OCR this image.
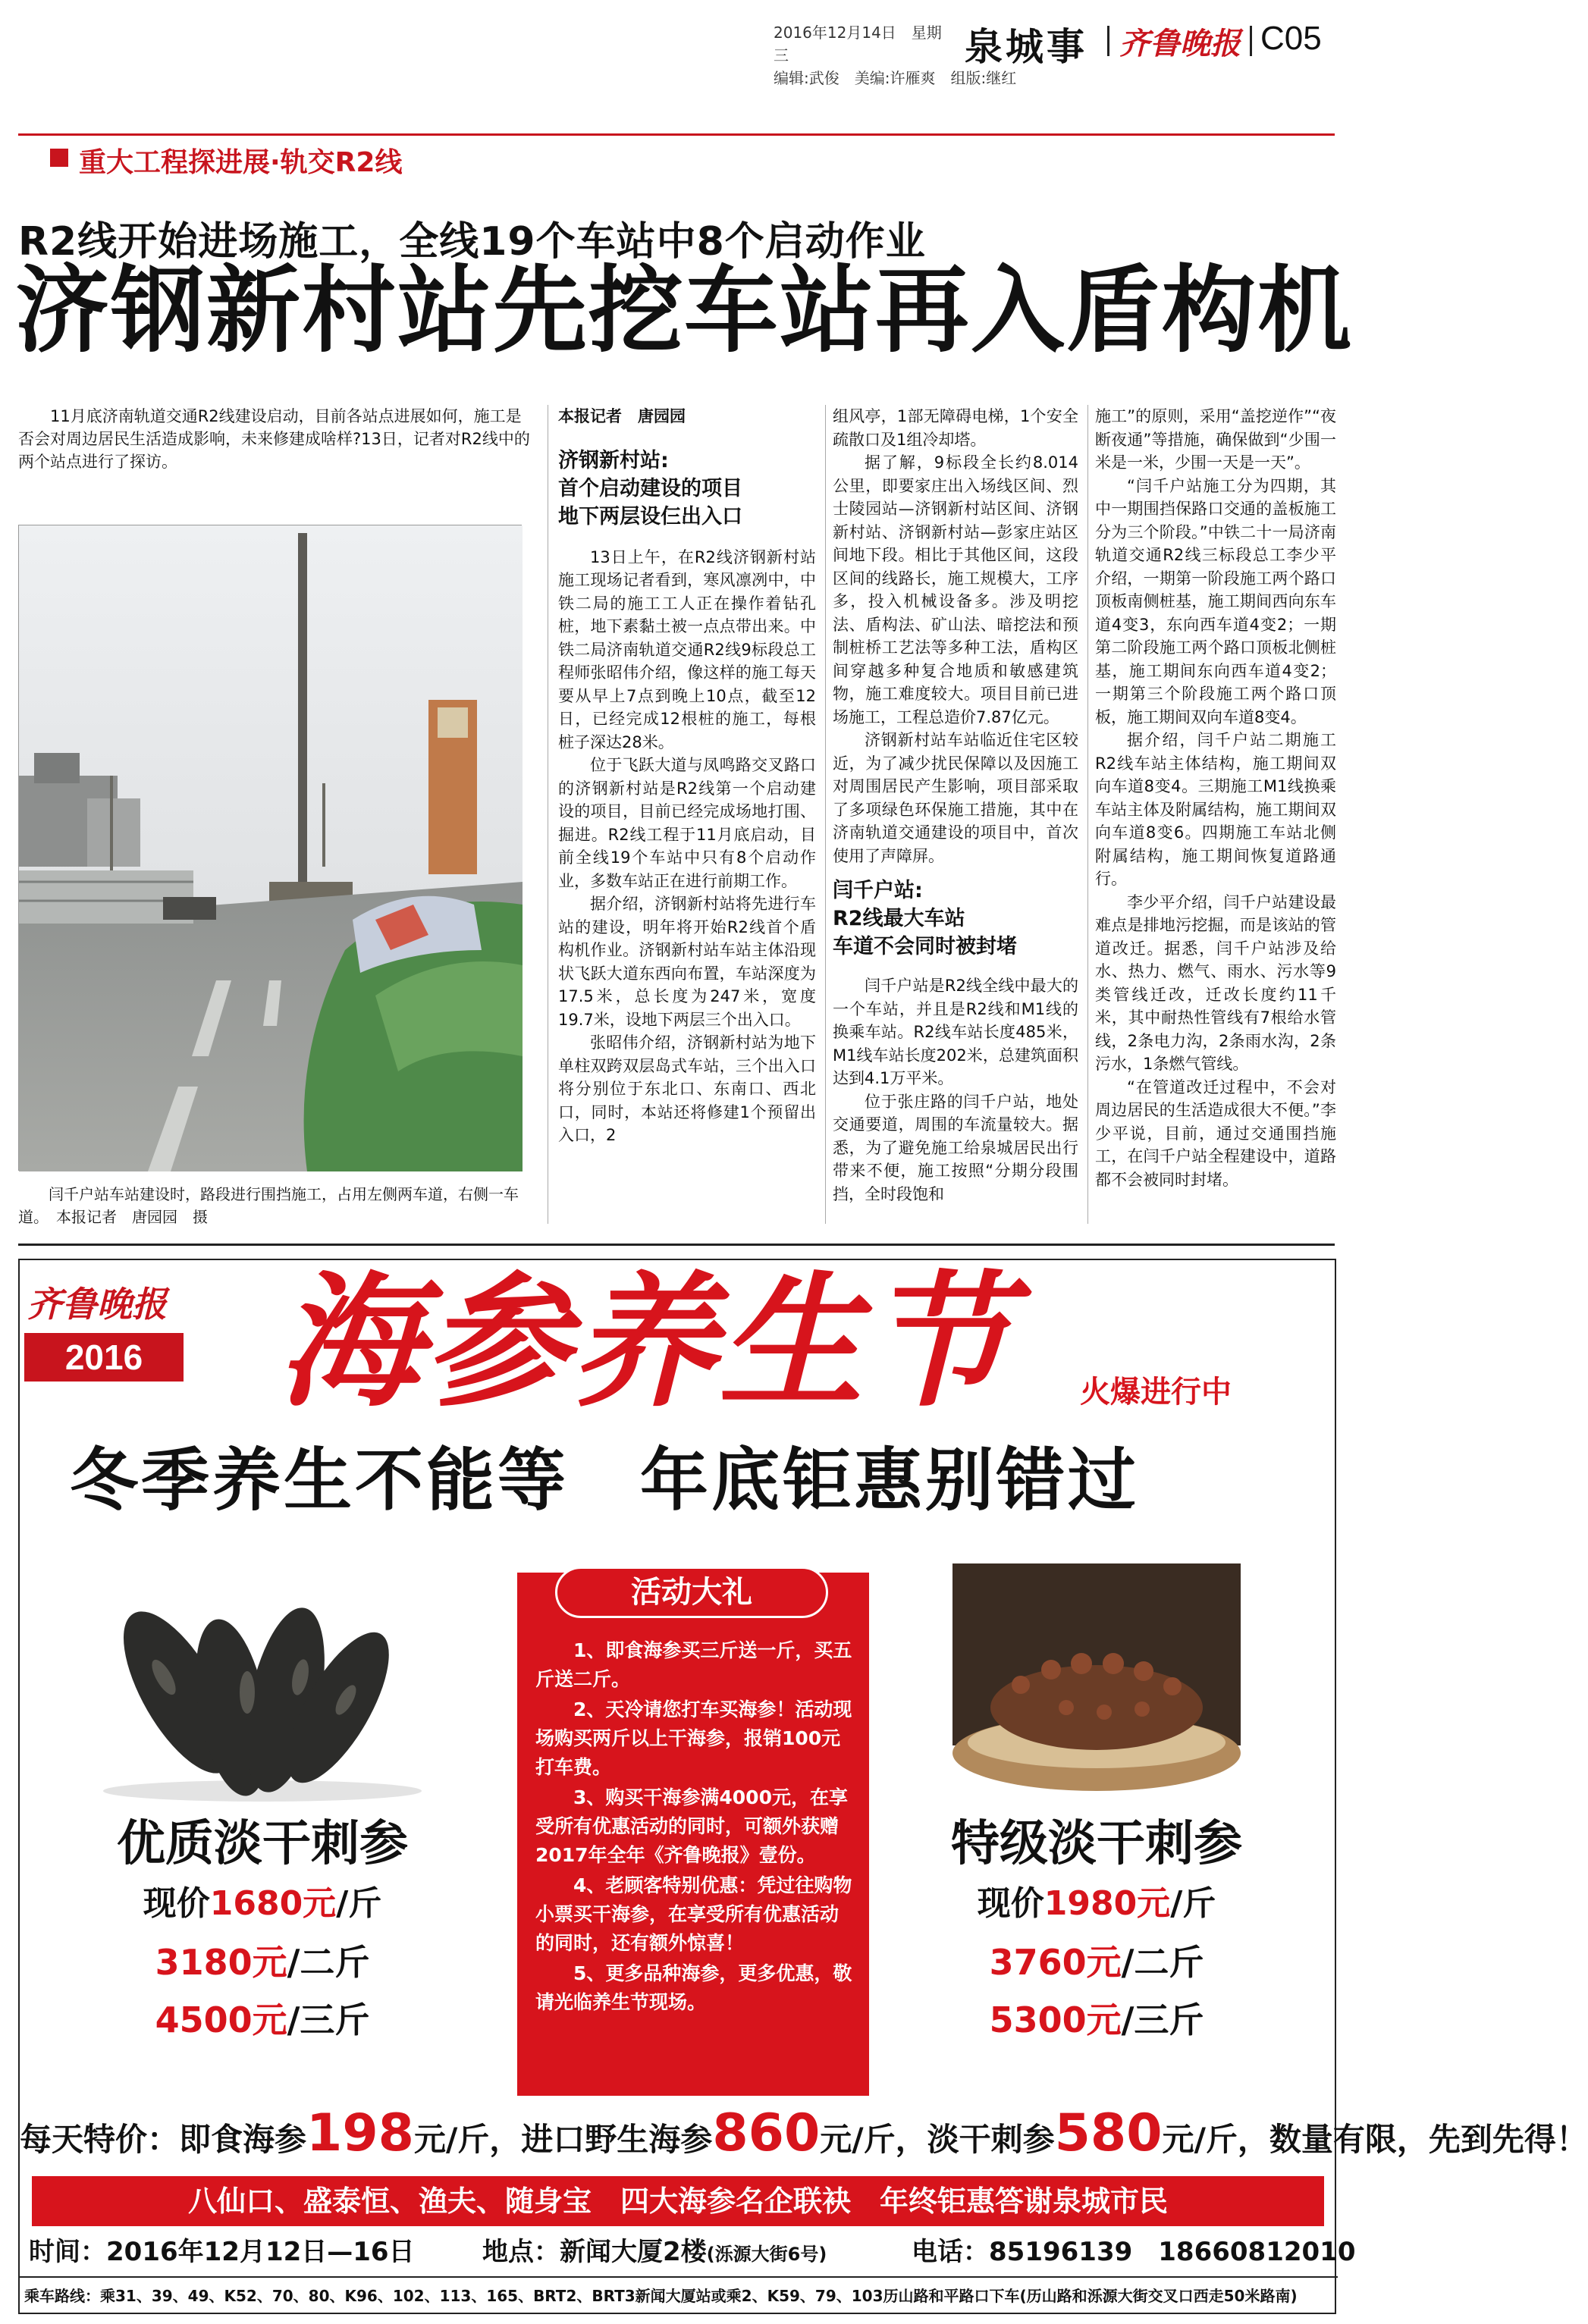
2016年12月14日　星期三
编辑:武俊　美编:许雁爽　组版:继红
泉城事 齐鲁晚报 C05
重大工程探进展·轨交R2线
R2线开始进场施工，全线19个车站中8个启动作业
济钢新村站先挖车站再入盾构机
11月底济南轨道交通R2线建设启动，目前各站点进展如何，施工是否会对周边居民生活造成影响，未来修建成啥样?13日，记者对R2线中的两个站点进行了探访。
闫千户站车站建设时，路段进行围挡施工，占用左侧两车道，右侧一车道。　本报记者　唐园园　摄

本报记者　唐园园

济钢新村站:
首个启动建设的项目
地下两层设仨出入口

13日上午，在R2线济钢新村站施工现场记者看到，寒风凛冽中，中铁二局的施工工人正在操作着钻孔桩，地下素黏土被一点点带出来。中铁二局济南轨道交通R2线9标段总工程师张昭伟介绍，像这样的施工每天要从早上7点到晚上10点，截至12日，已经完成12根桩的施工，每根桩子深达28米。

位于飞跃大道与凤鸣路交叉路口的济钢新村站是R2线第一个启动建设的项目，目前已经完成场地打围、掘进。R2线工程于11月底启动，目前全线19个车站中只有8个启动作业，多数车站正在进行前期工作。

据介绍，济钢新村站将先进行车站的建设，明年将开始R2线首个盾构机作业。济钢新村站车站主体沿现状飞跃大道东西向布置，车站深度为17.5米，总长度为247米，宽度19.7米，设地下两层三个出入口。

张昭伟介绍，济钢新村站为地下单柱双跨双层岛式车站，三个出入口将分别位于东北口、东南口、西北口，同时，本站还将修建1个预留出入口，2

组风亭，1部无障碍电梯，1个安全疏散口及1组冷却塔。

据了解，9标段全长约8.014公里，即要家庄出入场线区间、烈士陵园站—济钢新村站区间、济钢新村站、济钢新村站—彭家庄站区间地下段。相比于其他区间，这段区间的线路长，施工规模大，工序多，投入机械设备多。涉及明挖法、盾构法、矿山法、暗挖法和预制桩桥工艺法等多种工法，盾构区间穿越多种复合地质和敏感建筑物，施工难度较大。项目目前已进场施工，工程总造价7.87亿元。

济钢新村站车站临近住宅区较近，为了减少扰民保障以及因施工对周围居民产生影响，项目部采取了多项绿色环保施工措施，其中在济南轨道交通建设的项目中，首次使用了声障屏。

闫千户站:
R2线最大车站
车道不会同时被封堵

闫千户站是R2线全线中最大的一个车站，并且是R2线和M1线的换乘车站。R2线车站长度485米，M1线车站长度202米，总建筑面积达到4.1万平米。

位于张庄路的闫千户站，地处交通要道，周围的车流量较大。据悉，为了避免施工给泉城居民出行带来不便，施工按照“分期分段围挡，全时段饱和

施工”的原则，采用“盖挖逆作”“夜断夜通”等措施，确保做到“少围一米是一米，少围一天是一天”。

“闫千户站施工分为四期，其中一期围挡保路口交通的盖板施工分为三个阶段。”中铁二十一局济南轨道交通R2线三标段总工李少平介绍，一期第一阶段施工两个路口顶板南侧桩基，施工期间西向东车道4变3，东向西车道4变2；一期第二阶段施工两个路口顶板北侧桩基，施工期间东向西车道4变2；一期第三个阶段施工两个路口顶板，施工期间双向车道8变4。

据介绍，闫千户站二期施工R2线车站主体结构，施工期间双向车道8变4。三期施工M1线换乘车站主体及附属结构，施工期间双向车道8变6。四期施工车站北侧附属结构，施工期间恢复道路通行。

李少平介绍，闫千户站建设最难点是排地污挖掘，而是该站的管道改迁。据悉，闫千户站涉及给水、热力、燃气、雨水、污水等9类管线迁改，迁改长度约11千米，其中耐热性管线有7根给水管线，2条电力沟，2条雨水沟，2条污水，1条燃气管线。

“在管道改迁过程中，不会对周边居民的生活造成很大不便。”李少平说，目前，通过交通围挡施工，在闫千户站全程建设中，道路都不会被同时封堵。

齐鲁晚报
2016 海参养生节 火爆进行中
冬季养生不能等　年底钜惠别错过
优质淡干刺参
现价1680元/斤
3180元/二斤
4500元/三斤
活动大礼
1、即食海参买三斤送一斤，买五斤送二斤。
2、天冷请您打车买海参！活动现场购买两斤以上干海参，报销100元打车费。
3、购买干海参满4000元，在享受所有优惠活动的同时，可额外获赠2017年全年《齐鲁晚报》壹份。
4、老顾客特别优惠：凭过往购物小票买干海参，在享受所有优惠活动的同时，还有额外惊喜！
5、更多品种海参，更多优惠，敬请光临养生节现场。
特级淡干刺参
现价1980元/斤
3760元/二斤
5300元/三斤
每天特价：即食海参198元/斤，进口野生海参860元/斤，淡干刺参580元/斤，数量有限，先到先得！
八仙口、盛泰恒、渔夫、随身宝　四大海参名企联袂　年终钜惠答谢泉城市民
时间：2016年12月12日—16日	地点：新闻大厦2楼(泺源大街6号)	电话：85196139　18660812010
乘车路线：乘31、39、49、K52、70、80、K96、102、113、165、BRT2、BRT3新闻大厦站或乘2、K59、79、103历山路和平路口下车(历山路和泺源大街交叉口西走50米路南)
